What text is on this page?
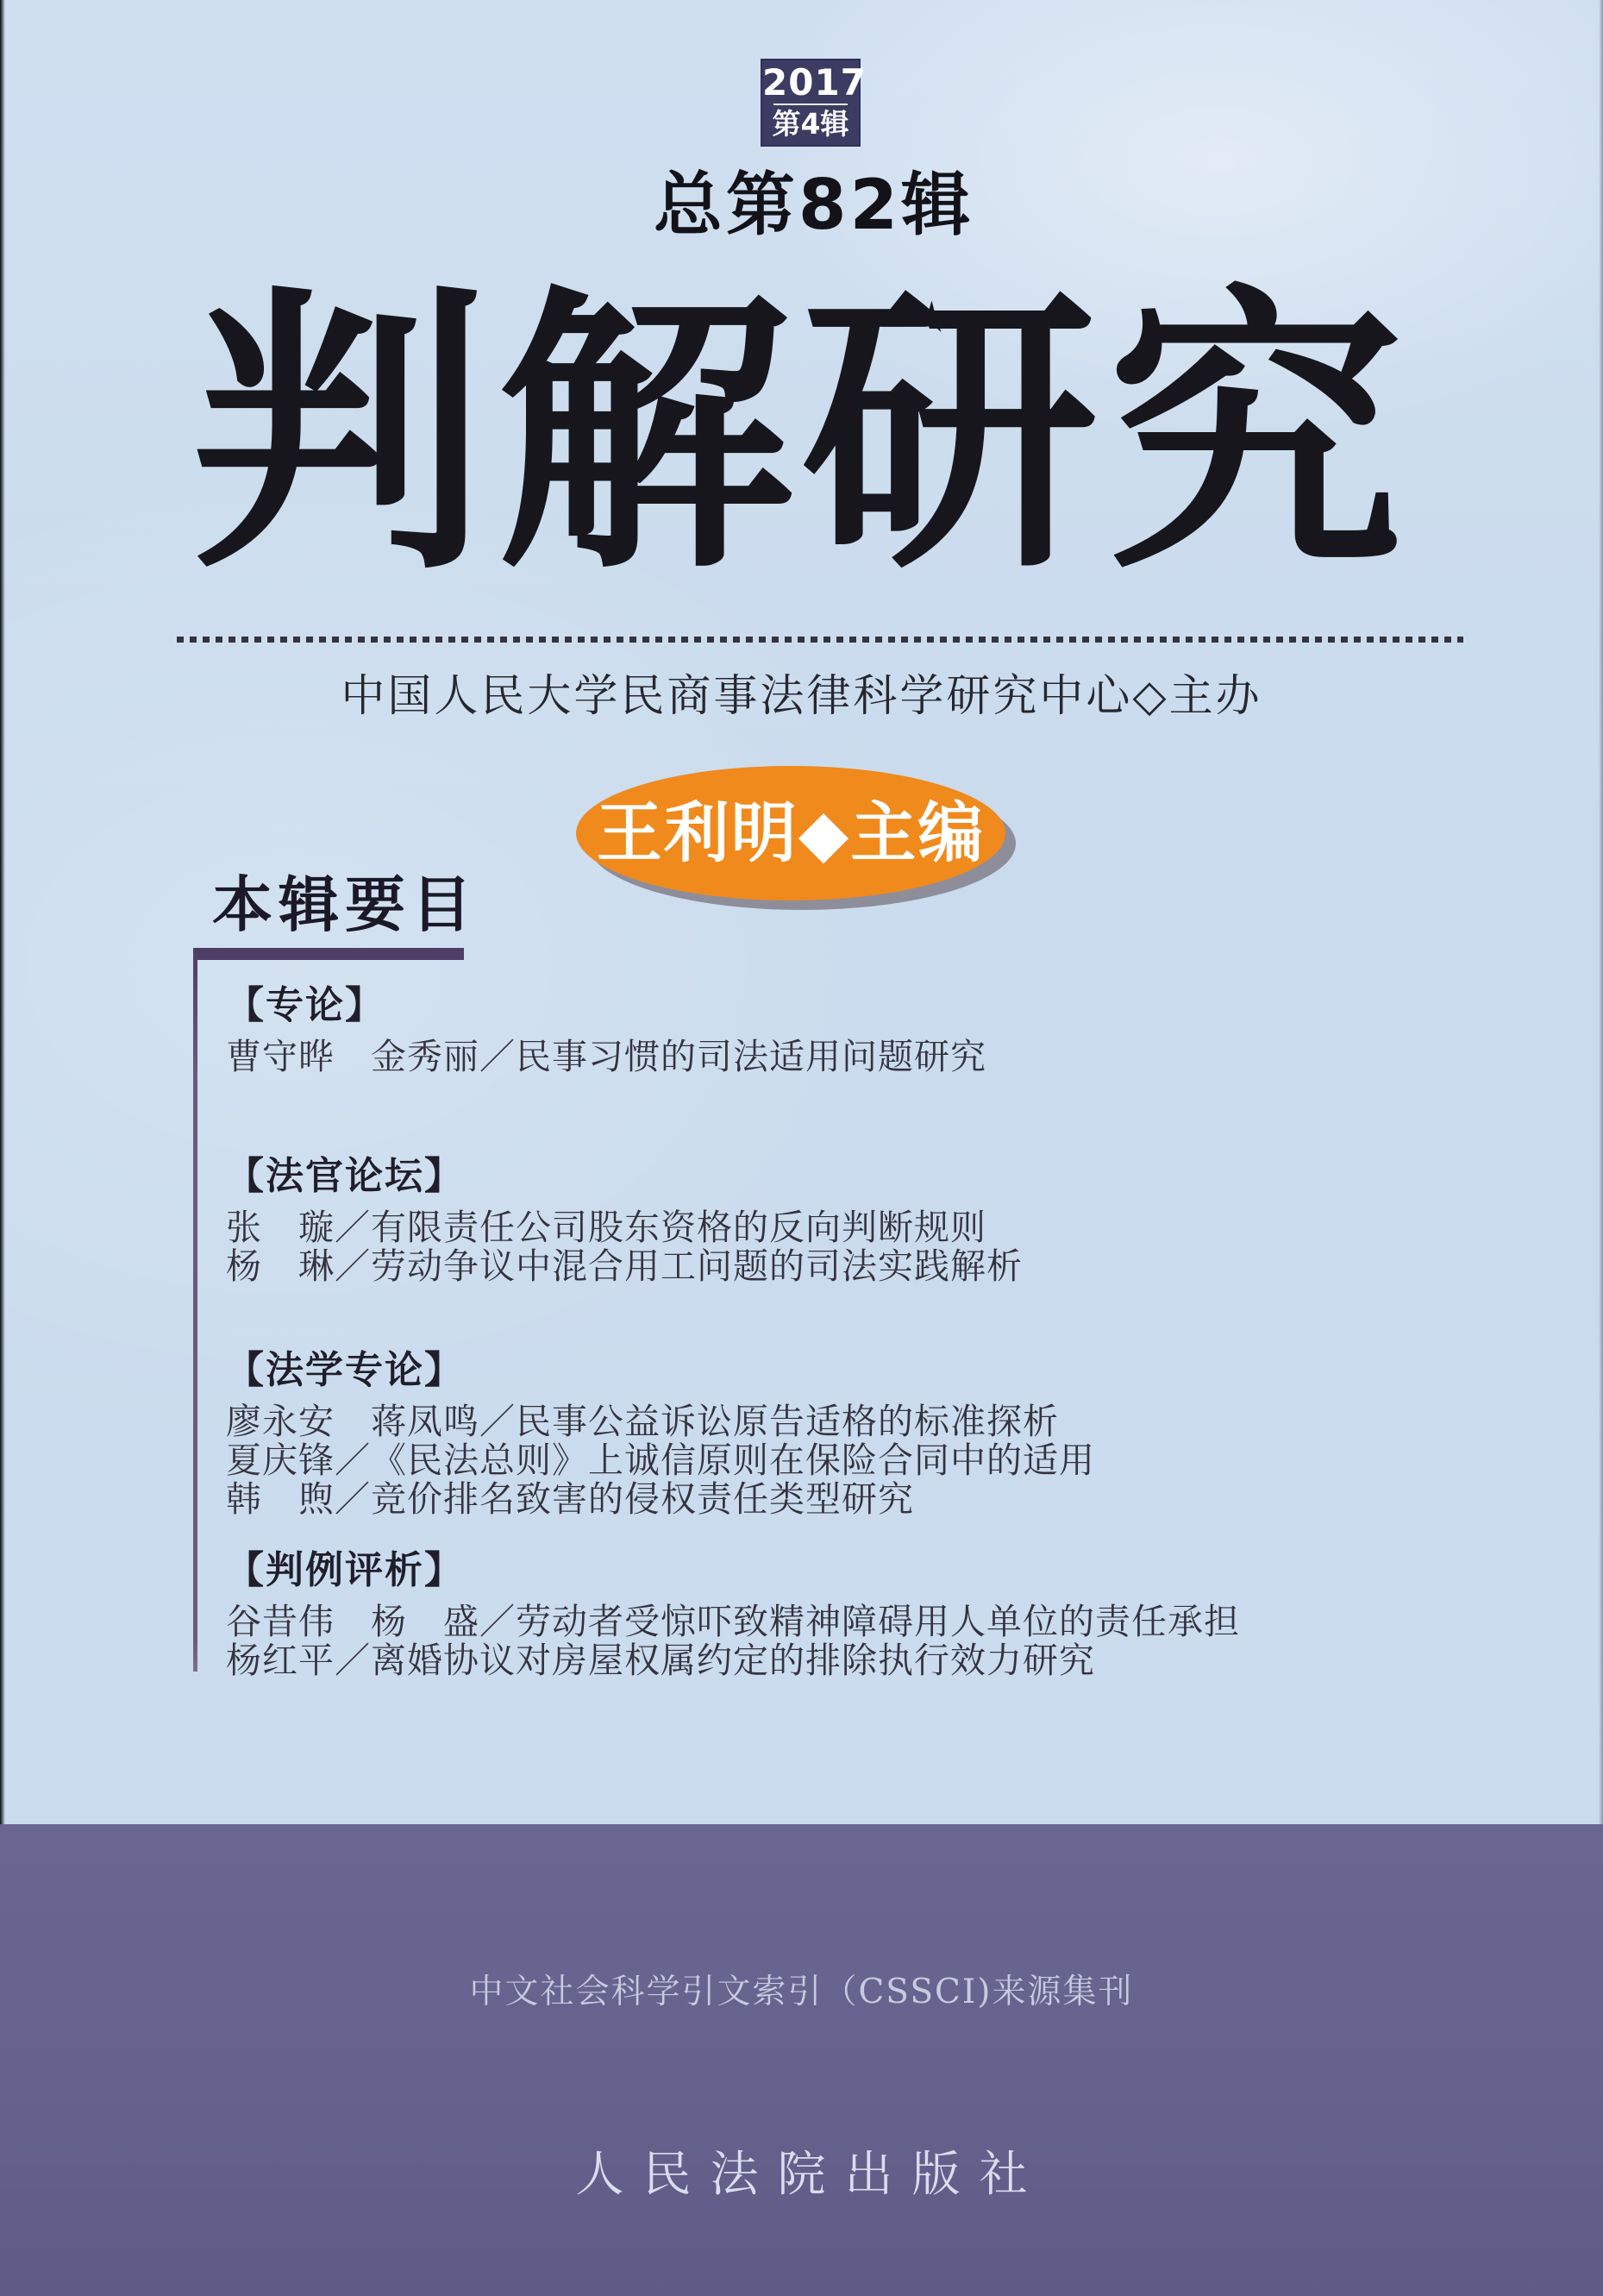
2017
第4辑
总第82辑
判解研究
中国人民大学民商事法律科学研究中心◇主办
王利明◆主编
本辑要目
【专论】
曹守晔　金秀丽／民事习惯的司法适用问题研究
【法官论坛】
张　璇／有限责任公司股东资格的反向判断规则
杨　琳／劳动争议中混合用工问题的司法实践解析
【法学专论】
廖永安　蒋凤鸣／民事公益诉讼原告适格的标准探析
夏庆锋／《民法总则》上诚信原则在保险合同中的适用
韩　煦／竞价排名致害的侵权责任类型研究
【判例评析】
谷昔伟　杨　盛／劳动者受惊吓致精神障碍用人单位的责任承担
杨红平／离婚协议对房屋权属约定的排除执行效力研究
中文社会科学引文索引（CSSCI)来源集刊
人民法院出版社
